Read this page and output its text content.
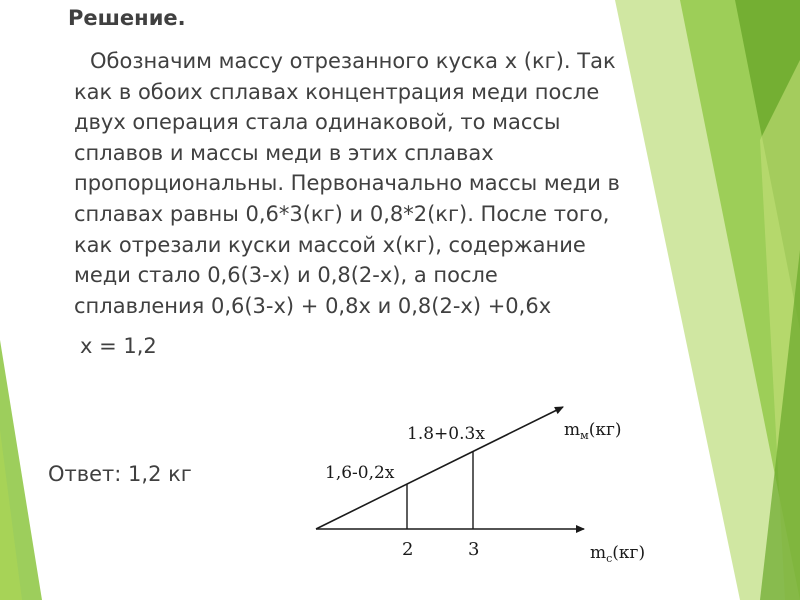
Решение.
Обозначим массу отрезанного куска x (кг). Так
как в обоих сплавах концентрация меди после
двух операция стала одинаковой, то массы
сплавов и массы меди в этих сплавах
пропорциональны. Первоначально массы меди в
сплавах равны 0,6*3(кг) и 0,8*2(кг). После того,
как отрезали куски массой x(кг), содержание
меди стало 0,6(3-x) и 0,8(2-x), а после
сплавления 0,6(3-x) + 0,8x и 0,8(2-x) +0,6x
x = 1,2
Ответ: 1,2 кг
1.8+0.3x
1,6-0,2x
2	3
$m_м(кг)$
$m_с(кг)$
